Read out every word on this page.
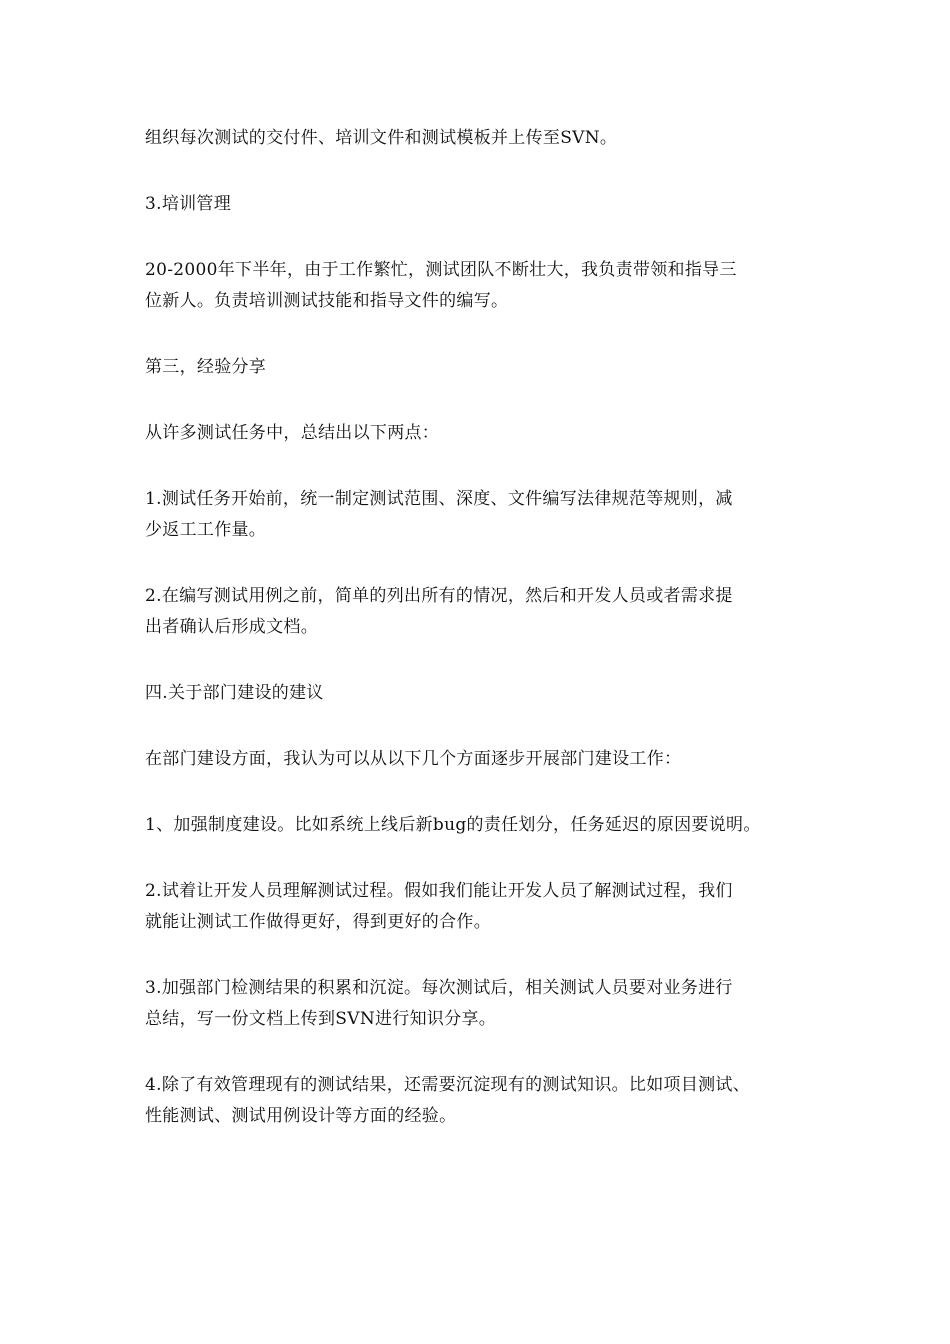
组织每次测试的交付件、培训文件和测试模板并上传至SVN。

3.培训管理

20-2000年下半年，由于工作繁忙，测试团队不断壮大，我负责带领和指导三
位新人。负责培训测试技能和指导文件的编写。

第三，经验分享

从许多测试任务中，总结出以下两点：

1.测试任务开始前，统一制定测试范围、深度、文件编写法律规范等规则，减
少返工工作量。

2.在编写测试用例之前，简单的列出所有的情况，然后和开发人员或者需求提
出者确认后形成文档。

四.关于部门建设的建议

在部门建设方面，我认为可以从以下几个方面逐步开展部门建设工作：

1、加强制度建设。比如系统上线后新bug的责任划分，任务延迟的原因要说明。

2.试着让开发人员理解测试过程。假如我们能让开发人员了解测试过程，我们
就能让测试工作做得更好，得到更好的合作。

3.加强部门检测结果的积累和沉淀。每次测试后，相关测试人员要对业务进行
总结，写一份文档上传到SVN进行知识分享。

4.除了有效管理现有的测试结果，还需要沉淀现有的测试知识。比如项目测试、
性能测试、测试用例设计等方面的经验。
